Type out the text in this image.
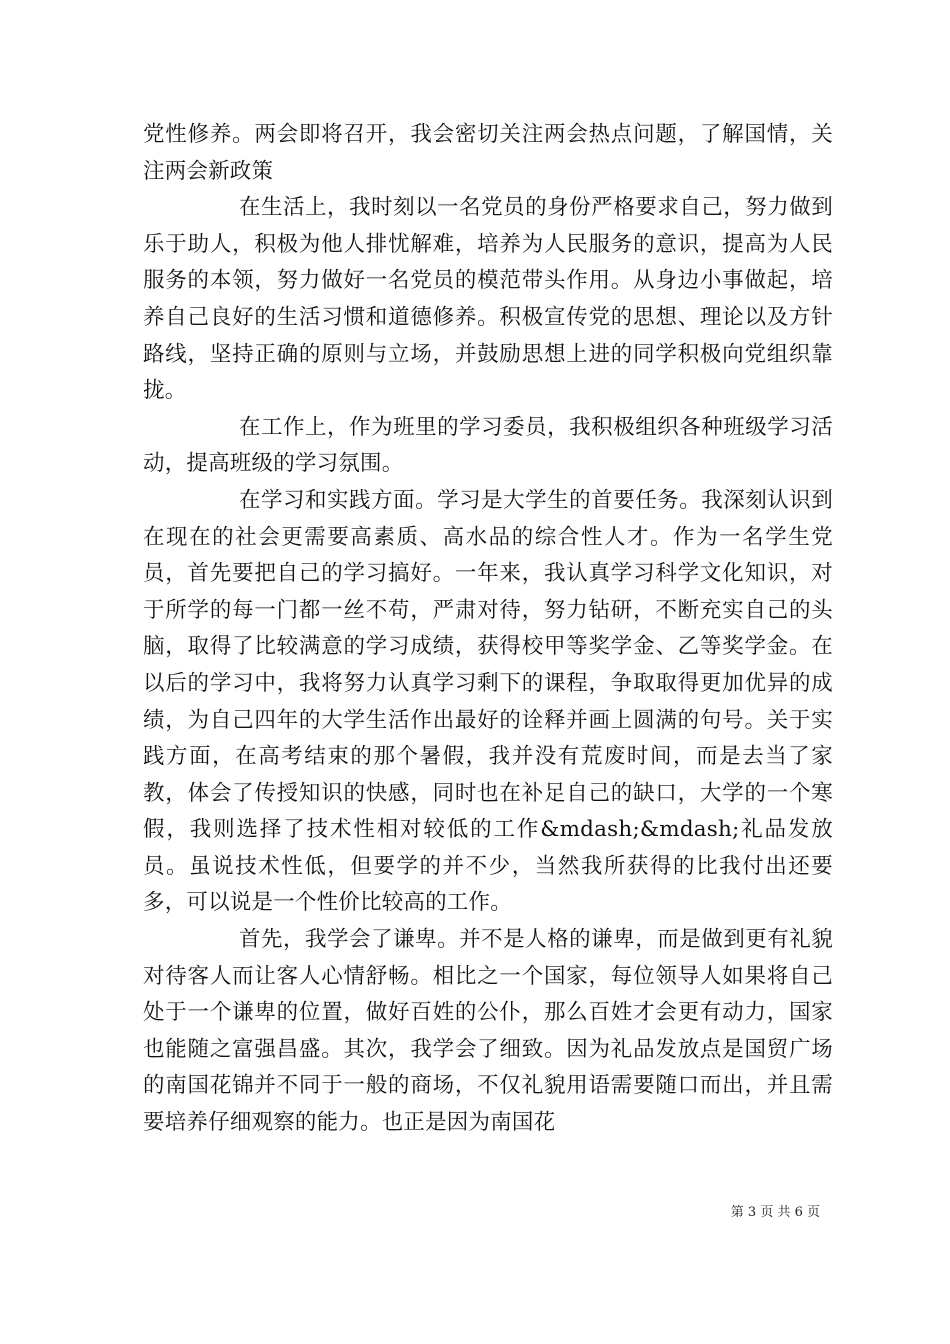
党性修养。两会即将召开，我会密切关注两会热点问题，了解国情，关注两会新政策

在生活上，我时刻以一名党员的身份严格要求自己，努力做到乐于助人，积极为他人排忧解难，培养为人民服务的意识，提高为人民服务的本领，努力做好一名党员的模范带头作用。从身边小事做起，培养自己良好的生活习惯和道德修养。积极宣传党的思想、理论以及方针路线，坚持正确的原则与立场，并鼓励思想上进的同学积极向党组织靠拢。

在工作上，作为班里的学习委员，我积极组织各种班级学习活动，提高班级的学习氛围。

在学习和实践方面。学习是大学生的首要任务。我深刻认识到在现在的社会更需要高素质、高水品的综合性人才。作为一名学生党员，首先要把自己的学习搞好。一年来，我认真学习科学文化知识，对于所学的每一门都一丝不苟，严肃对待，努力钻研，不断充实自己的头脑，取得了比较满意的学习成绩，获得校甲等奖学金、乙等奖学金。在以后的学习中，我将努力认真学习剩下的课程，争取取得更加优异的成绩，为自己四年的大学生活作出最好的诠释并画上圆满的句号。关于实践方面，在高考结束的那个暑假，我并没有荒废时间，而是去当了家教，体会了传授知识的快感，同时也在补足自己的缺口，大学的一个寒假，我则选择了技术性相对较低的工作&mdash;&mdash;礼品发放员。虽说技术性低，但要学的并不少，当然我所获得的比我付出还要多，可以说是一个性价比较高的工作。

首先，我学会了谦卑。并不是人格的谦卑，而是做到更有礼貌对待客人而让客人心情舒畅。相比之一个国家，每位领导人如果将自己处于一个谦卑的位置，做好百姓的公仆，那么百姓才会更有动力，国家也能随之富强昌盛。其次，我学会了细致。因为礼品发放点是国贸广场的南国花锦并不同于一般的商场，不仅礼貌用语需要随口而出，并且需要培养仔细观察的能力。也正是因为南国花

第 3 页 共 6 页
